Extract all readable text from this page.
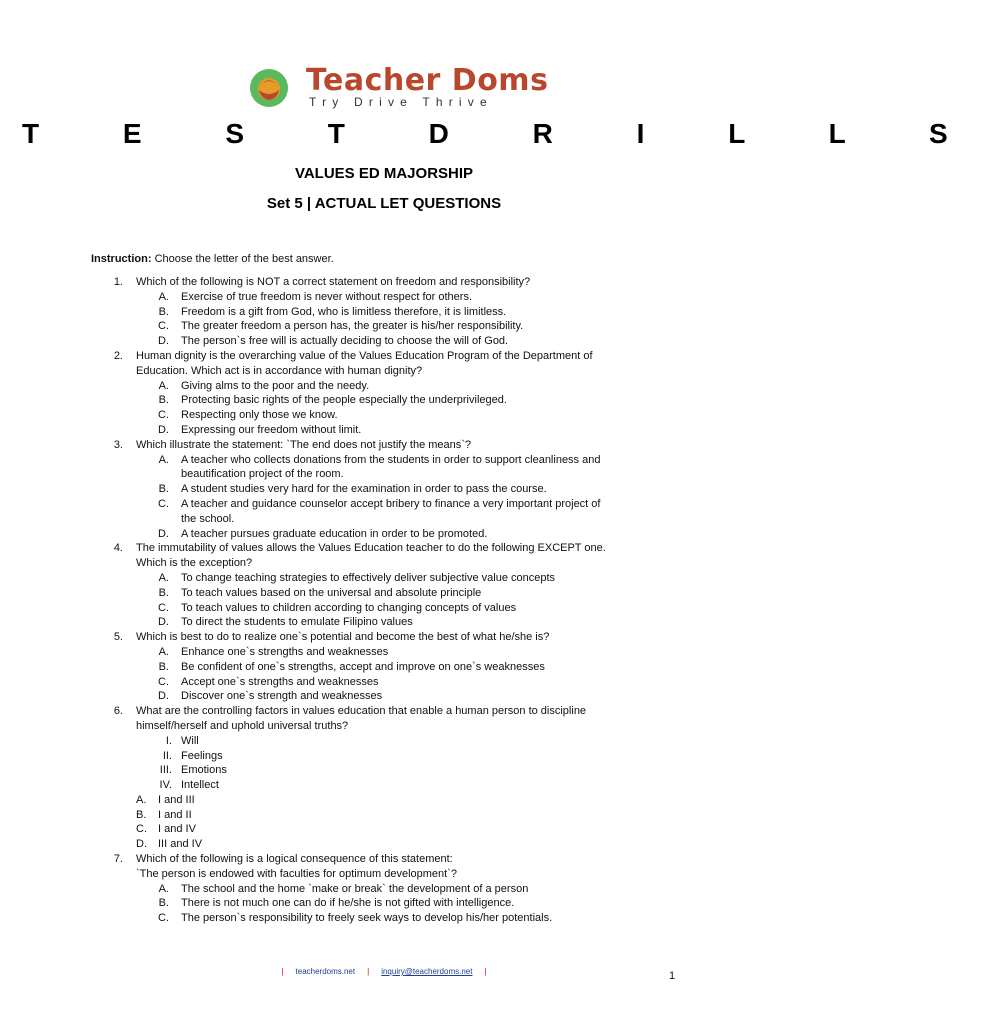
Teacher Doms
Try Drive Thrive
T E S T D R I L L S
VALUES ED MAJORSHIP
Set 5 | ACTUAL LET QUESTIONS
Instruction: Choose the letter of the best answer.
1. Which of the following is NOT a correct statement on freedom and responsibility?
A. Exercise of true freedom is never without respect for others.
B. Freedom is a gift from God, who is limitless therefore, it is limitless.
C. The greater freedom a person has, the greater is his/her responsibility.
D. The person`s free will is actually deciding to choose the will of God.
2. Human dignity is the overarching value of the Values Education Program of the Department of
Education. Which act is in accordance with human dignity?
A. Giving alms to the poor and the needy.
B. Protecting basic rights of the people especially the underprivileged.
C. Respecting only those we know.
D. Expressing our freedom without limit.
3. Which illustrate the statement: `The end does not justify the means`?
A. A teacher who collects donations from the students in order to support cleanliness and
beautification project of the room.
B. A student studies very hard for the examination in order to pass the course.
C. A teacher and guidance counselor accept bribery to finance a very important project of
the school.
D. A teacher pursues graduate education in order to be promoted.
4. The immutability of values allows the Values Education teacher to do the following EXCEPT one.
Which is the exception?
A. To change teaching strategies to effectively deliver subjective value concepts
B. To teach values based on the universal and absolute principle
C. To teach values to children according to changing concepts of values
D. To direct the students to emulate Filipino values
5. Which is best to do to realize one`s potential and become the best of what he/she is?
A. Enhance one`s strengths and weaknesses
B. Be confident of one`s strengths, accept and improve on one`s weaknesses
C. Accept one`s strengths and weaknesses
D. Discover one`s strength and weaknesses
6. What are the controlling factors in values education that enable a human person to discipline
himself/herself and uphold universal truths?
I. Will
II. Feelings
III. Emotions
IV. Intellect
A. I and III
B. I and II
C. I and IV
D. III and IV
7. Which of the following is a logical consequence of this statement:
`The person is endowed with faculties for optimum development`?
A. The school and the home `make or break` the development of a person
B. There is not much one can do if he/she is not gifted with intelligence.
C. The person`s responsibility to freely seek ways to develop his/her potentials.
| teacherdoms.net | inquiry@teacherdoms.net |	1
